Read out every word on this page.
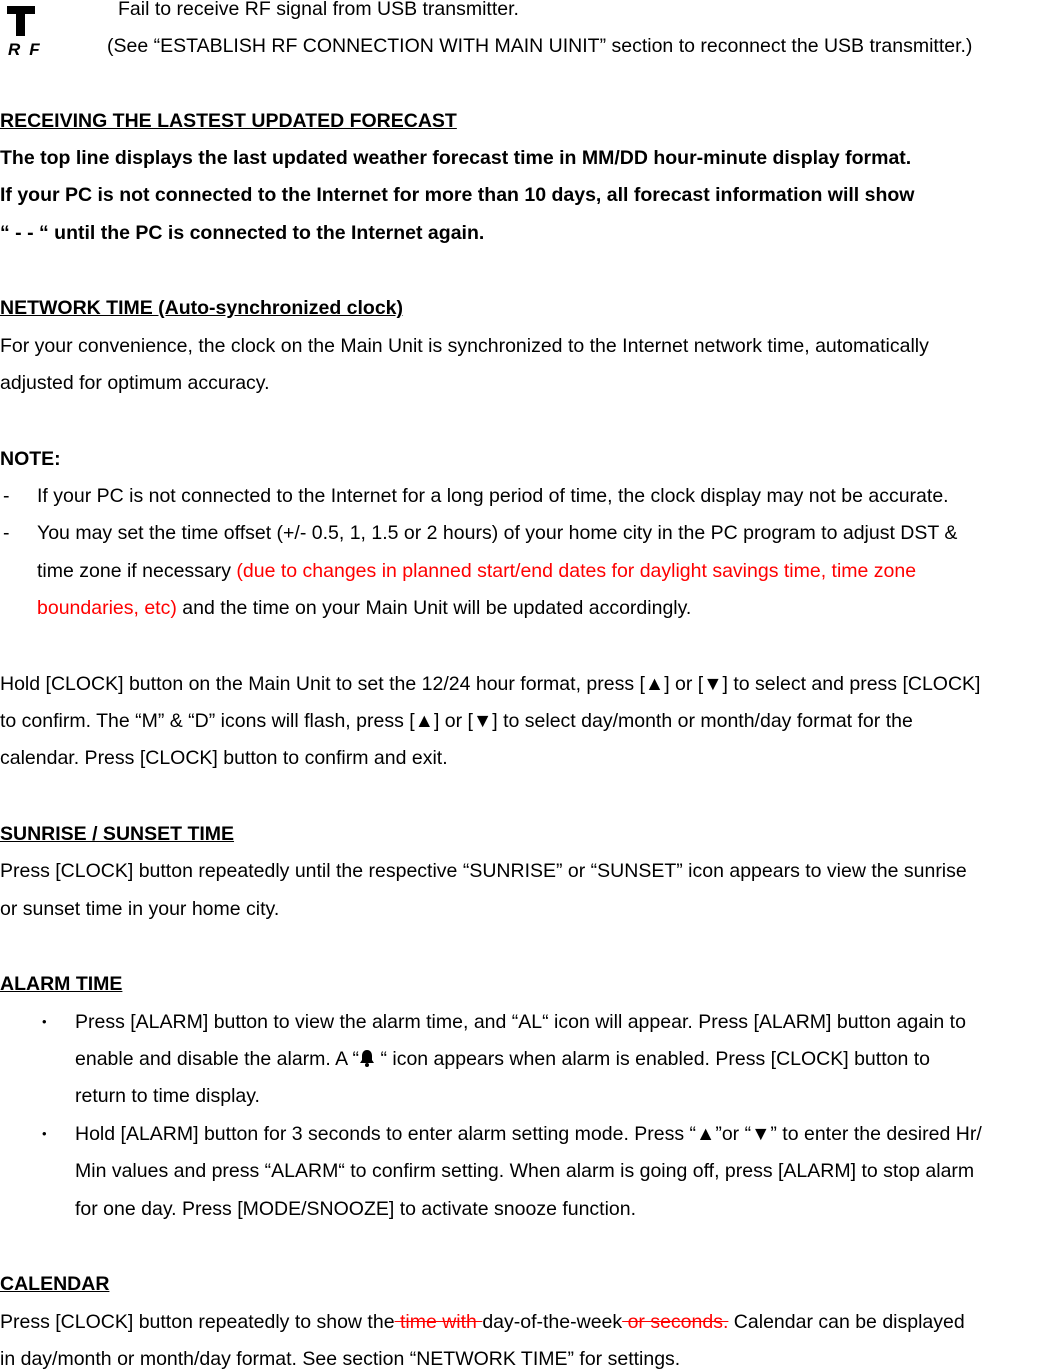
RF
Fail to receive RF signal from USB transmitter.
(See “ESTABLISH RF CONNECTION WITH MAIN UINIT” section to reconnect the USB transmitter.)
RECEIVING THE LASTEST UPDATED FORECAST
The top line displays the last updated weather forecast time in MM/DD hour-minute display format.
If your PC is not connected to the Internet for more than 10 days, all forecast information will show
“ - - “ until the PC is connected to the Internet again.
NETWORK TIME (Auto-synchronized clock)
For your convenience, the clock on the Main Unit is synchronized to the Internet network time, automatically
adjusted for optimum accuracy.
NOTE:
- If your PC is not connected to the Internet for a long period of time, the clock display may not be accurate.
- You may set the time offset (+/- 0.5, 1, 1.5 or 2 hours) of your home city in the PC program to adjust DST &
time zone if necessary (due to changes in planned start/end dates for daylight savings time, time zone
boundaries, etc) and the time on your Main Unit will be updated accordingly.
Hold [CLOCK] button on the Main Unit to set the 12/24 hour format, press [▲] or [▼] to select and press [CLOCK]
to confirm. The “M” & “D” icons will flash, press [▲] or [▼] to select day/month or month/day format for the
calendar. Press [CLOCK] button to confirm and exit.
SUNRISE / SUNSET TIME
Press [CLOCK] button repeatedly until the respective “SUNRISE” or “SUNSET” icon appears to view the sunrise
or sunset time in your home city.
ALARM TIME
• Press [ALARM] button to view the alarm time, and “AL“ icon will appear. Press [ALARM] button again to
enable and disable the alarm. A “ “ icon appears when alarm is enabled. Press [CLOCK] button to
return to time display.
• Hold [ALARM] button for 3 seconds to enter alarm setting mode. Press “▲”or “▼” to enter the desired Hr/
Min values and press “ALARM“ to confirm setting. When alarm is going off, press [ALARM] to stop alarm
for one day. Press [MODE/SNOOZE] to activate snooze function.
CALENDAR
Press [CLOCK] button repeatedly to show the time with day-of-the-week or seconds. Calendar can be displayed
in day/month or month/day format. See section “NETWORK TIME” for settings.
